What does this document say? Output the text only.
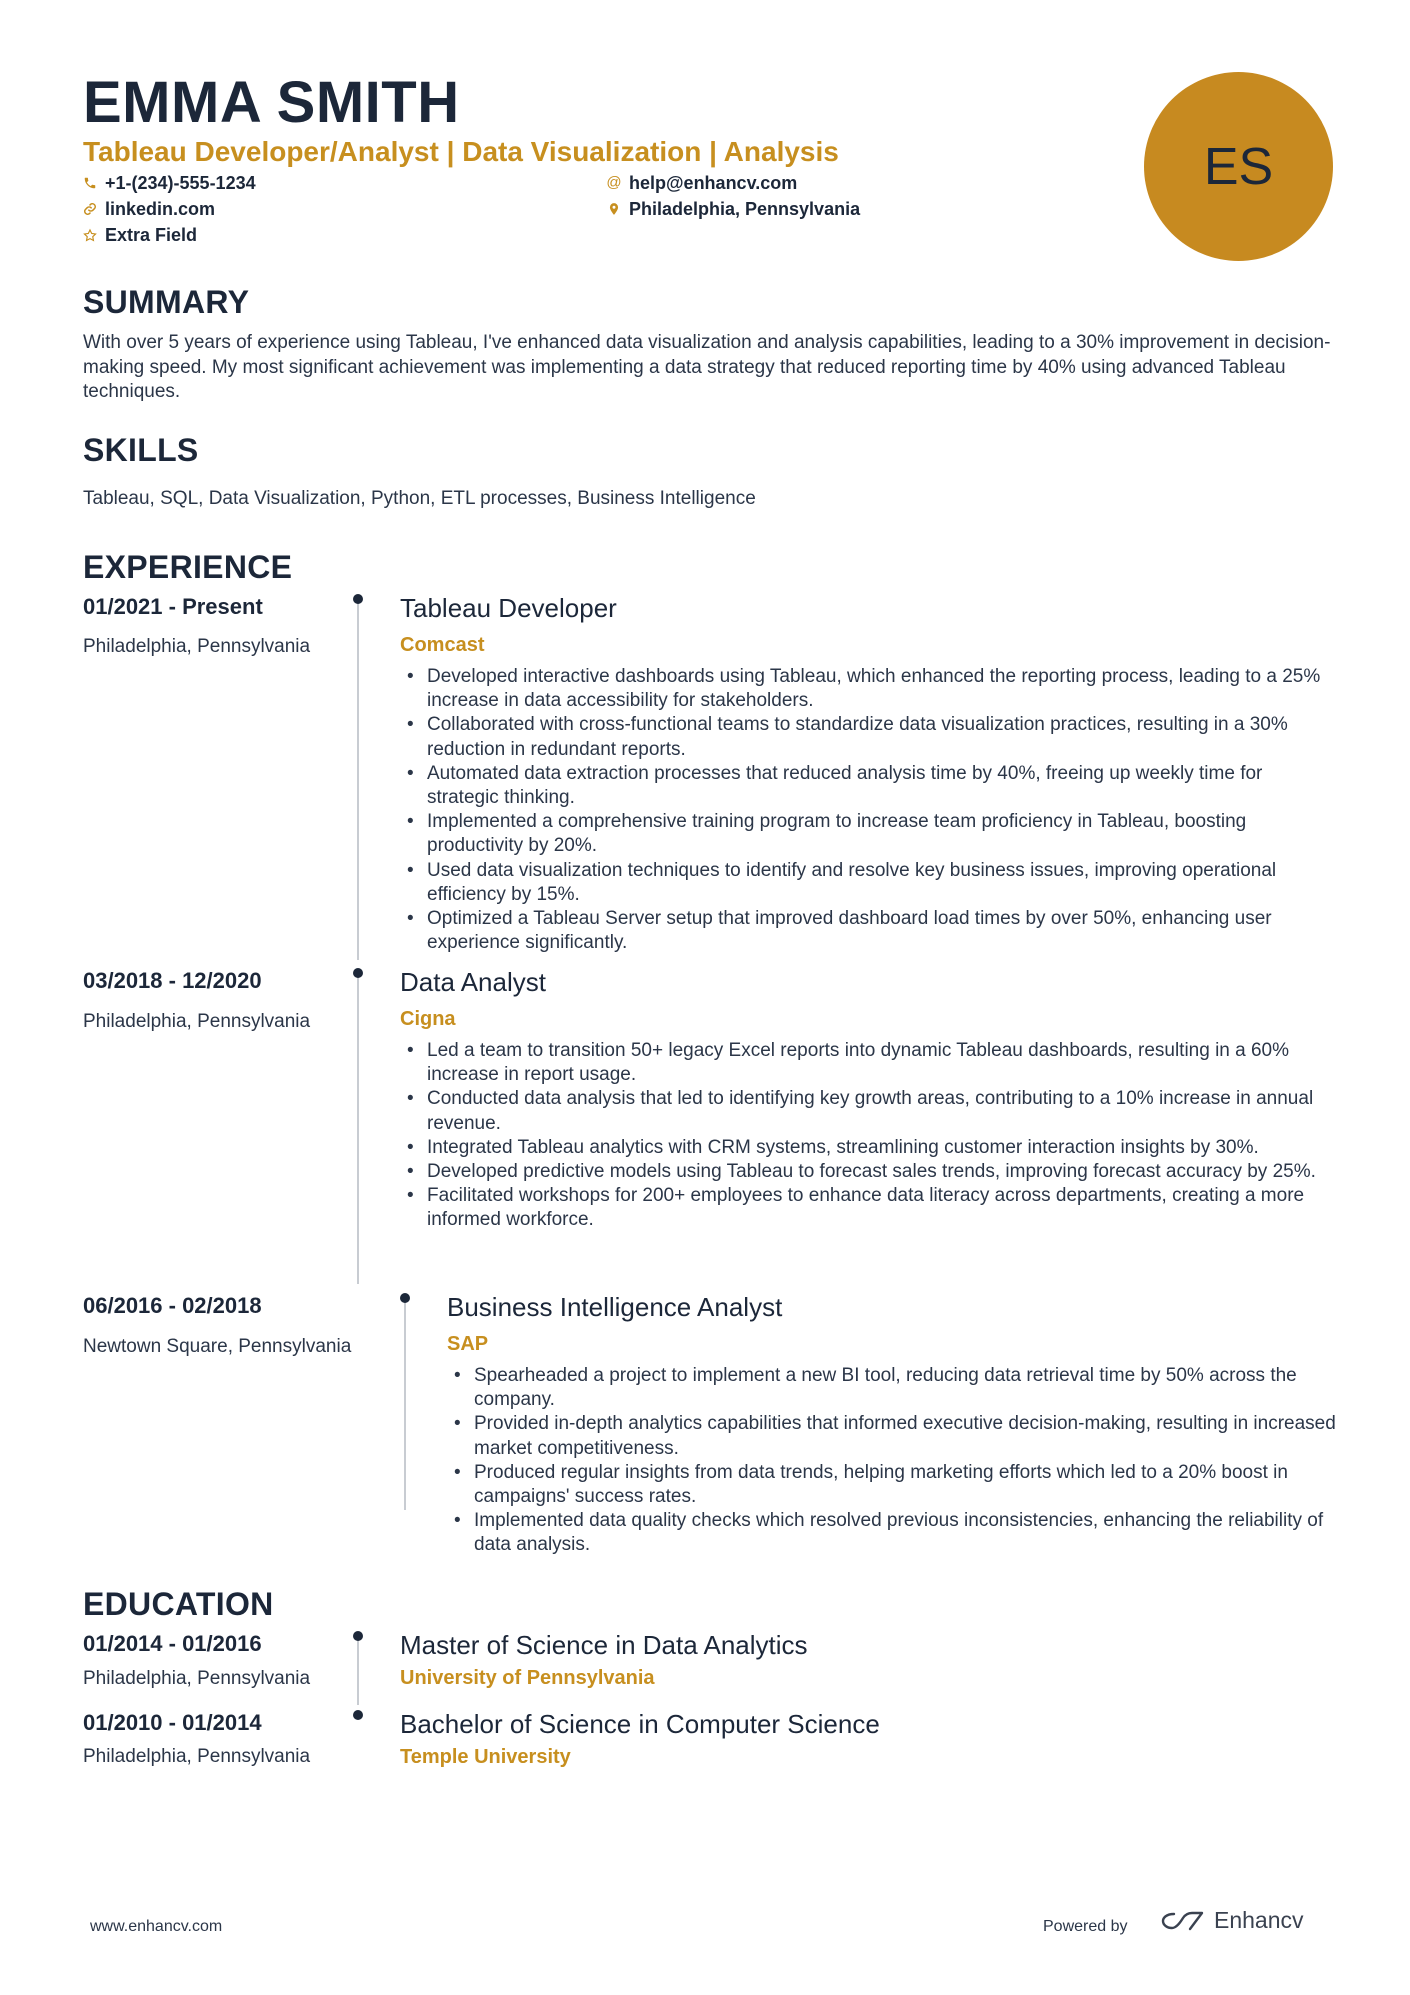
EMMA SMITH
Tableau Developer/Analyst | Data Visualization | Analysis
+1-(234)-555-1234	@ help@enhancv.com
linkedin.com	Philadelphia, Pennsylvania
Extra Field
ES
SUMMARY

With over 5 years of experience using Tableau, I've enhanced data visualization and analysis capabilities, leading to a 30% improvement in decision-making speed. My most significant achievement was implementing a data strategy that reduced reporting time by 40% using advanced Tableau techniques.

SKILLS

Tableau, SQL, Data Visualization, Python, ETL processes, Business Intelligence

EXPERIENCE
01/2021 - Present
Philadelphia, Pennsylvania
Tableau Developer
Comcast
• Developed interactive dashboards using Tableau, which enhanced the reporting process, leading to a 25% increase in data accessibility for stakeholders.
• Collaborated with cross-functional teams to standardize data visualization practices, resulting in a 30% reduction in redundant reports.
• Automated data extraction processes that reduced analysis time by 40%, freeing up weekly time for strategic thinking.
• Implemented a comprehensive training program to increase team proficiency in Tableau, boosting productivity by 20%.
• Used data visualization techniques to identify and resolve key business issues, improving operational efficiency by 15%.
• Optimized a Tableau Server setup that improved dashboard load times by over 50%, enhancing user experience significantly.
03/2018 - 12/2020
Philadelphia, Pennsylvania
Data Analyst
Cigna
• Led a team to transition 50+ legacy Excel reports into dynamic Tableau dashboards, resulting in a 60% increase in report usage.
• Conducted data analysis that led to identifying key growth areas, contributing to a 10% increase in annual revenue.
• Integrated Tableau analytics with CRM systems, streamlining customer interaction insights by 30%.
• Developed predictive models using Tableau to forecast sales trends, improving forecast accuracy by 25%.
• Facilitated workshops for 200+ employees to enhance data literacy across departments, creating a more informed workforce.
06/2016 - 02/2018
Newtown Square, Pennsylvania
Business Intelligence Analyst
SAP
• Spearheaded a project to implement a new BI tool, reducing data retrieval time by 50% across the company.
• Provided in-depth analytics capabilities that informed executive decision-making, resulting in increased market competitiveness.
• Produced regular insights from data trends, helping marketing efforts which led to a 20% boost in campaigns' success rates.
• Implemented data quality checks which resolved previous inconsistencies, enhancing the reliability of data analysis.
EDUCATION
01/2014 - 01/2016
Philadelphia, Pennsylvania
Master of Science in Data Analytics
University of Pennsylvania
01/2010 - 01/2014
Philadelphia, Pennsylvania
Bachelor of Science in Computer Science
Temple University
www.enhancv.com	Powered by	Enhancv
